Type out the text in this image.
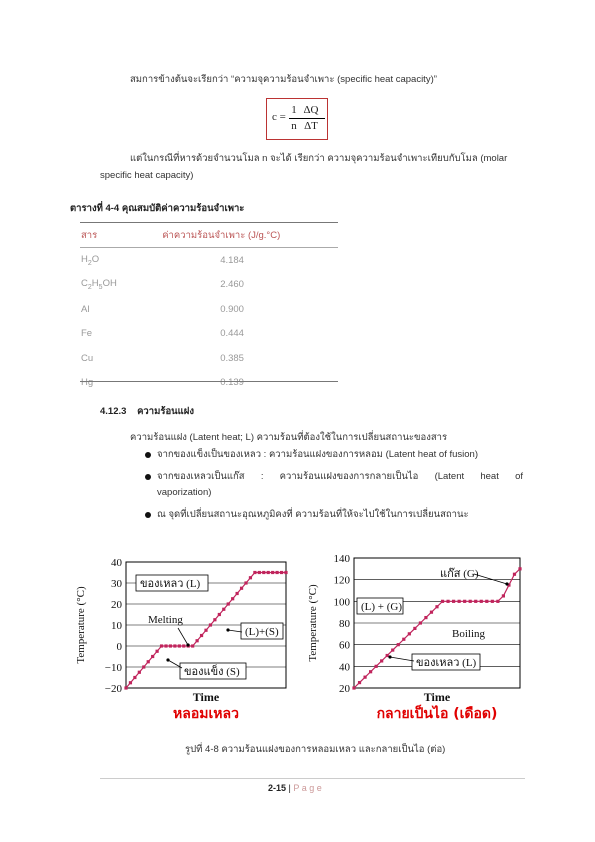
สมการข้างต้นจะเรียกว่า “ความจุความร้อนจำเพาะ (specific heat capacity)”
c =
1
n $\frac{\Delta Q}{\Delta T}$
แต่ในกรณีที่หารด้วยจำนวนโมล n จะได้ เรียกว่า ความจุความร้อนจำเพาะเทียบกับโมล (molar
specific heat capacity)
ตารางที่ 4-4 คุณสมบัติค่าความร้อนจำเพาะ
สาร	ค่าความร้อนจำเพาะ (J/g.°C)
$H_2O$	4.184
$C_2H_5OH$	2.460
Al	0.900
Fe	0.444
Cu	0.385
Hg	0.139
4.12.3 ความร้อนแฝง
ความร้อนแฝง (Latent heat; L) ความร้อนที่ต้องใช้ในการเปลี่ยนสถานะของสาร
จากของแข็งเป็นของเหลว : ความร้อนแฝงของการหลอม (Latent heat of fusion)
จากของเหลวเป็นแก๊ส : ความร้อนแฝงของการกลายเป็นไอ (Latent heat of
vaporization)
ณ จุดที่เปลี่ยนสถานะอุณหภูมิคงที่ ความร้อนที่ให้จะไปใช้ในการเปลี่ยนสถานะ
−20
−10
0
10
20
30
40
Temperature (°C)
Time
หลอมเหลว
ของเหลว (L)
Melting
(L)+(S)
ของแข็ง (S)
20
40
60
80
100
120
140
Temperature (°C)
Time
กลายเป็นไอ (เดือด)
แก๊ส (G)
(L) + (G)
Boiling
ของเหลว (L)
รูปที่ 4-8 ความร้อนแฝงของการหลอมเหลว และกลายเป็นไอ (ต่อ)
2-15 | P a g e
